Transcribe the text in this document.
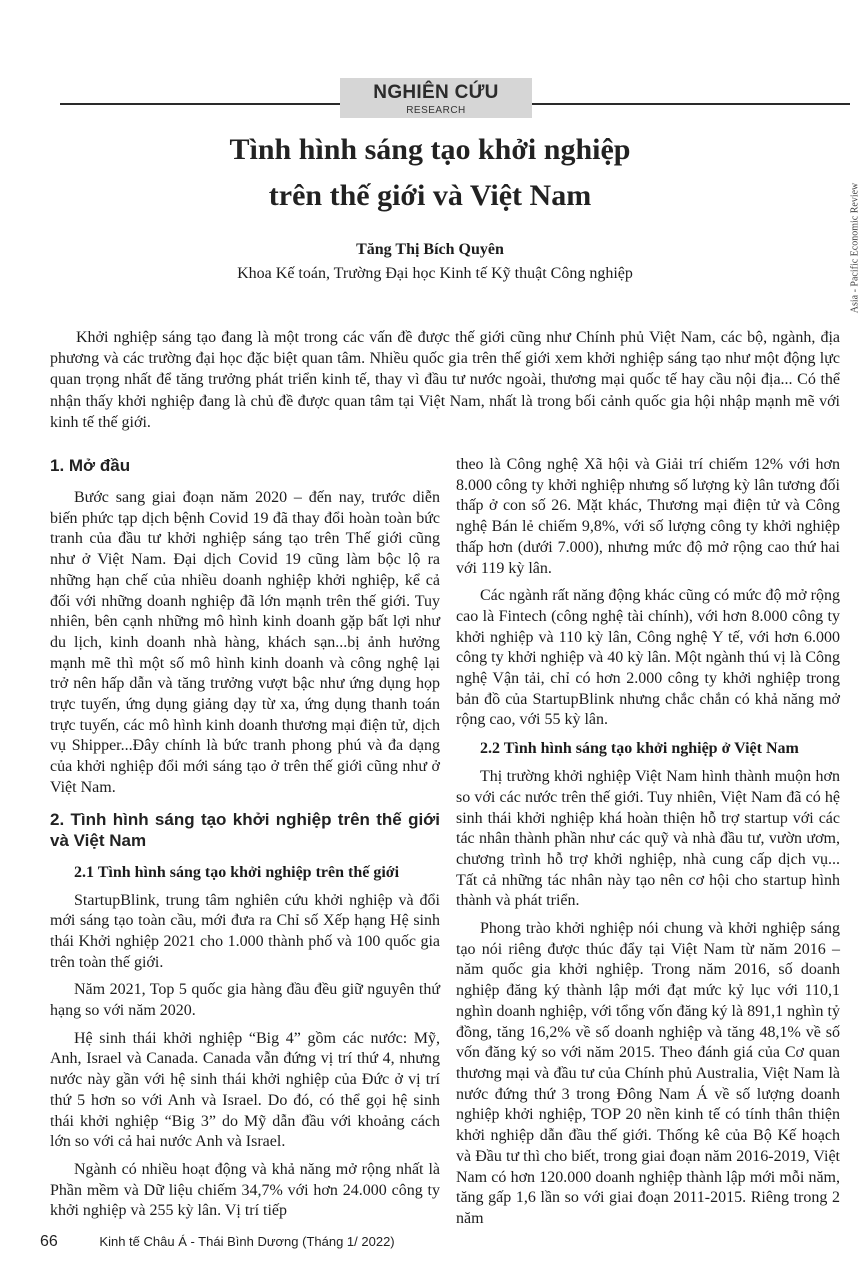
NGHIÊN CỨU
RESEARCH
Asia - Pacific Economic Review
Tình hình sáng tạo khởi nghiệp
trên thế giới và Việt Nam
Tăng Thị Bích Quyên
Khoa Kế toán, Trường Đại học Kinh tế Kỹ thuật Công nghiệp
Khởi nghiệp sáng tạo đang là một trong các vấn đề được thế giới cũng như Chính phủ Việt Nam, các bộ, ngành, địa phương và các trường đại học đặc biệt quan tâm. Nhiều quốc gia trên thế giới xem khởi nghiệp sáng tạo như một động lực quan trọng nhất để tăng trưởng phát triển kinh tế, thay vì đầu tư nước ngoài, thương mại quốc tế hay cầu nội địa... Có thể nhận thấy khởi nghiệp đang là chủ đề được quan tâm tại Việt Nam, nhất là trong bối cảnh quốc gia hội nhập mạnh mẽ với kinh tế thế giới.
1. Mở đầu

Bước sang giai đoạn năm 2020 – đến nay, trước diễn biến phức tạp dịch bệnh Covid 19 đã thay đổi hoàn toàn bức tranh của đầu tư khởi nghiệp sáng tạo trên Thế giới cũng như ở Việt Nam. Đại dịch Covid 19 cũng làm bộc lộ ra những hạn chế của nhiều doanh nghiệp khởi nghiệp, kể cả đối với những doanh nghiệp đã lớn mạnh trên thế giới. Tuy nhiên, bên cạnh những mô hình kinh doanh gặp bất lợi như du lịch, kinh doanh nhà hàng, khách sạn...bị ảnh hưởng mạnh mẽ thì một số mô hình kinh doanh và công nghệ lại trở nên hấp dẫn và tăng trưởng vượt bậc như ứng dụng họp trực tuyến, ứng dụng giảng dạy từ xa, ứng dụng thanh toán trực tuyến, các mô hình kinh doanh thương mại điện tử, dịch vụ Shipper...Đây chính là bức tranh phong phú và đa dạng của khởi nghiệp đổi mới sáng tạo ở trên thế giới cũng như ở Việt Nam.

2. Tình hình sáng tạo khởi nghiệp trên thế giới và Việt Nam
2.1 Tình hình sáng tạo khởi nghiệp trên thế giới

StartupBlink, trung tâm nghiên cứu khởi nghiệp và đổi mới sáng tạo toàn cầu, mới đưa ra Chỉ số Xếp hạng Hệ sinh thái Khởi nghiệp 2021 cho 1.000 thành phố và 100 quốc gia trên toàn thế giới.

Năm 2021, Top 5 quốc gia hàng đầu đều giữ nguyên thứ hạng so với năm 2020.

Hệ sinh thái khởi nghiệp “Big 4” gồm các nước: Mỹ, Anh, Israel và Canada. Canada vẫn đứng vị trí thứ 4, nhưng nước này gần với hệ sinh thái khởi nghiệp của Đức ở vị trí thứ 5 hơn so với Anh và Israel. Do đó, có thể gọi hệ sinh thái khởi nghiệp “Big 3” do Mỹ dẫn đầu với khoảng cách lớn so với cả hai nước Anh và Israel.

Ngành có nhiều hoạt động và khả năng mở rộng nhất là Phần mềm và Dữ liệu chiếm 34,7% với hơn 24.000 công ty khởi nghiệp và 255 kỳ lân. Vị trí tiếp

theo là Công nghệ Xã hội và Giải trí chiếm 12% với hơn 8.000 công ty khởi nghiệp nhưng số lượng kỳ lân tương đối thấp ở con số 26. Mặt khác, Thương mại điện tử và Công nghệ Bán lẻ chiếm 9,8%, với số lượng công ty khởi nghiệp thấp hơn (dưới 7.000), nhưng mức độ mở rộng cao thứ hai với 119 kỳ lân.

Các ngành rất năng động khác cũng có mức độ mở rộng cao là Fintech (công nghệ tài chính), với hơn 8.000 công ty khởi nghiệp và 110 kỳ lân, Công nghệ Y tế, với hơn 6.000 công ty khởi nghiệp và 40 kỳ lân. Một ngành thú vị là Công nghệ Vận tải, chỉ có hơn 2.000 công ty khởi nghiệp trong bản đồ của StartupBlink nhưng chắc chắn có khả năng mở rộng cao, với 55 kỳ lân.

2.2 Tình hình sáng tạo khởi nghiệp ở Việt Nam

Thị trường khởi nghiệp Việt Nam hình thành muộn hơn so với các nước trên thế giới. Tuy nhiên, Việt Nam đã có hệ sinh thái khởi nghiệp khá hoàn thiện hỗ trợ startup với các tác nhân thành phần như các quỹ và nhà đầu tư, vườn ươm, chương trình hỗ trợ khởi nghiệp, nhà cung cấp dịch vụ... Tất cả những tác nhân này tạo nên cơ hội cho startup hình thành và phát triển.

Phong trào khởi nghiệp nói chung và khởi nghiệp sáng tạo nói riêng được thúc đẩy tại Việt Nam từ năm 2016 – năm quốc gia khởi nghiệp. Trong năm 2016, số doanh nghiệp đăng ký thành lập mới đạt mức kỷ lục với 110,1 nghìn doanh nghiệp, với tổng vốn đăng ký là 891,1 nghìn tỷ đồng, tăng 16,2% về số doanh nghiệp và tăng 48,1% về số vốn đăng ký so với năm 2015. Theo đánh giá của Cơ quan thương mại và đầu tư của Chính phủ Australia, Việt Nam là nước đứng thứ 3 trong Đông Nam Á về số lượng doanh nghiệp khởi nghiệp, TOP 20 nền kinh tế có tính thân thiện khởi nghiệp dẫn đầu thế giới. Thống kê của Bộ Kế hoạch và Đầu tư thì cho biết, trong giai đoạn năm 2016-2019, Việt Nam có hơn 120.000 doanh nghiệp thành lập mới mỗi năm, tăng gấp 1,6 lần so với giai đoạn 2011-2015. Riêng trong 2 năm

66	Kinh tế Châu Á - Thái Bình Dương (Tháng 1/ 2022)
